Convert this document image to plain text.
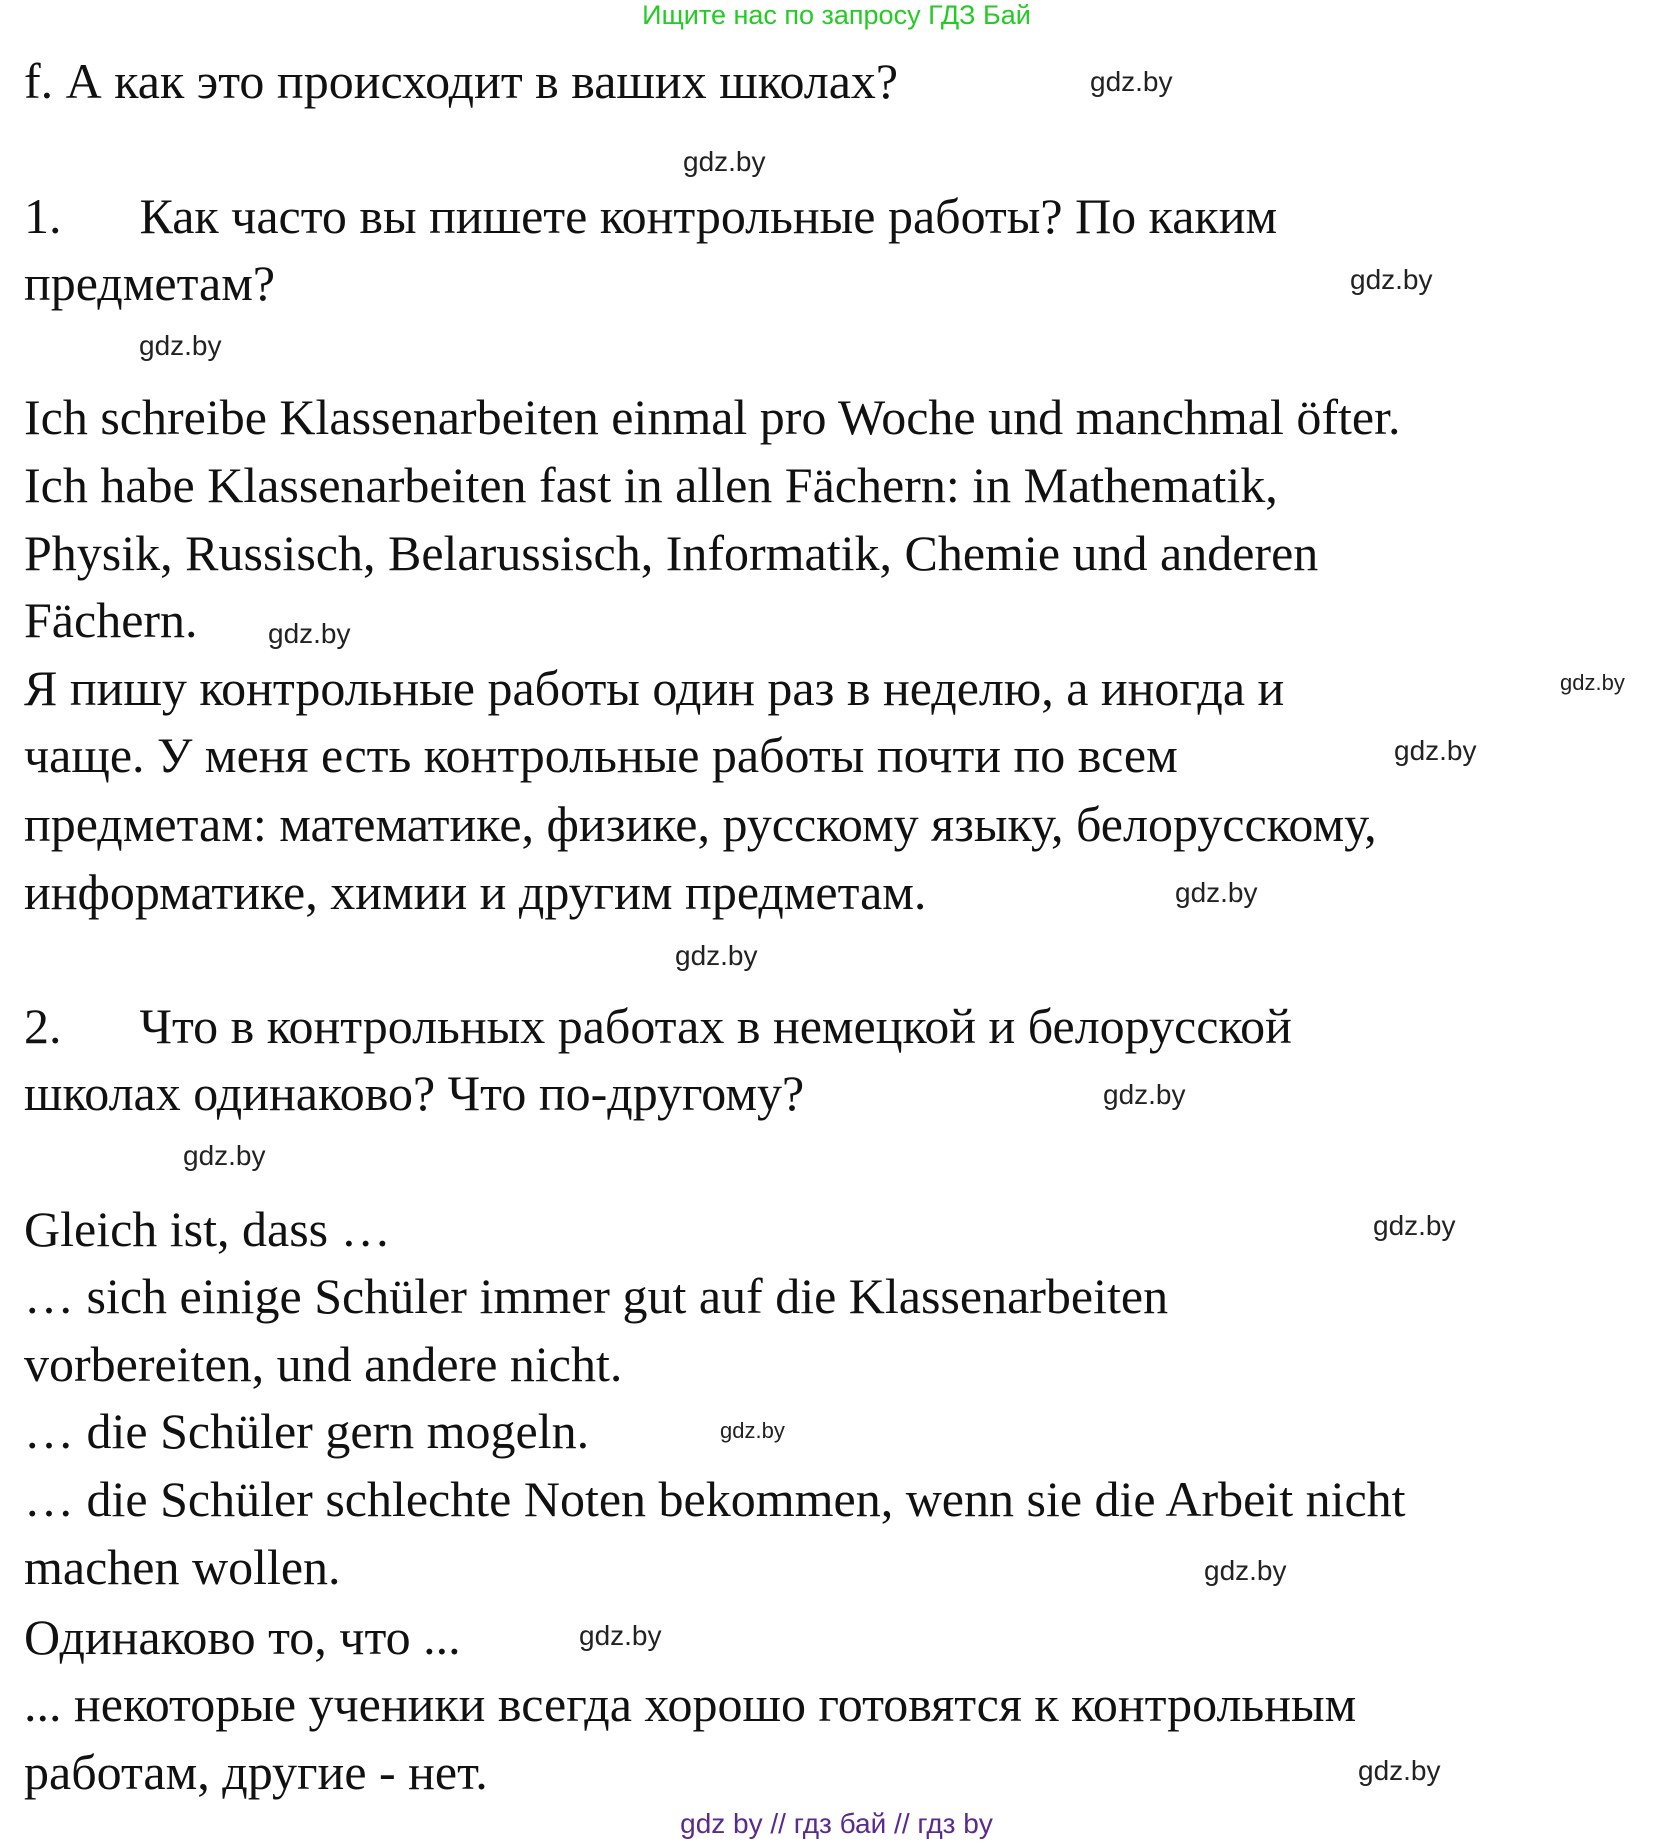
Ищите нас по запросу ГДЗ Бай
f. А как это происходит в ваших школах?
1. Как часто вы пишете контрольные работы? По каким
предметам?
Ich schreibe Klassenarbeiten einmal pro Woche und manchmal öfter.
Ich habe Klassenarbeiten fast in allen Fächern: in Mathematik,
Physik, Russisch, Belarussisch, Informatik, Chemie und anderen
Fächern.
Я пишу контрольные работы один раз в неделю, а иногда и
чаще. У меня есть контрольные работы почти по всем
предметам: математике, физике, русскому языку, белорусскому,
информатике, химии и другим предметам.
2. Что в контрольных работах в немецкой и белорусской
школах одинаково? Что по-другому?
Gleich ist, dass …
… sich einige Schüler immer gut auf die Klassenarbeiten
vorbereiten, und andere nicht.
… die Schüler gern mogeln.
… die Schüler schlechte Noten bekommen, wenn sie die Arbeit nicht
machen wollen.
Одинаково то, что ...
... некоторые ученики всегда хорошо готовятся к контрольным
работам, другие - нет.
gdz.by
gdz.by
gdz.by
gdz.by
gdz.by
gdz.by
gdz.by
gdz.by
gdz.by
gdz.by
gdz.by
gdz.by
gdz.by
gdz.by
gdz.by
gdz.by
gdz by // гдз бай // гдз by
